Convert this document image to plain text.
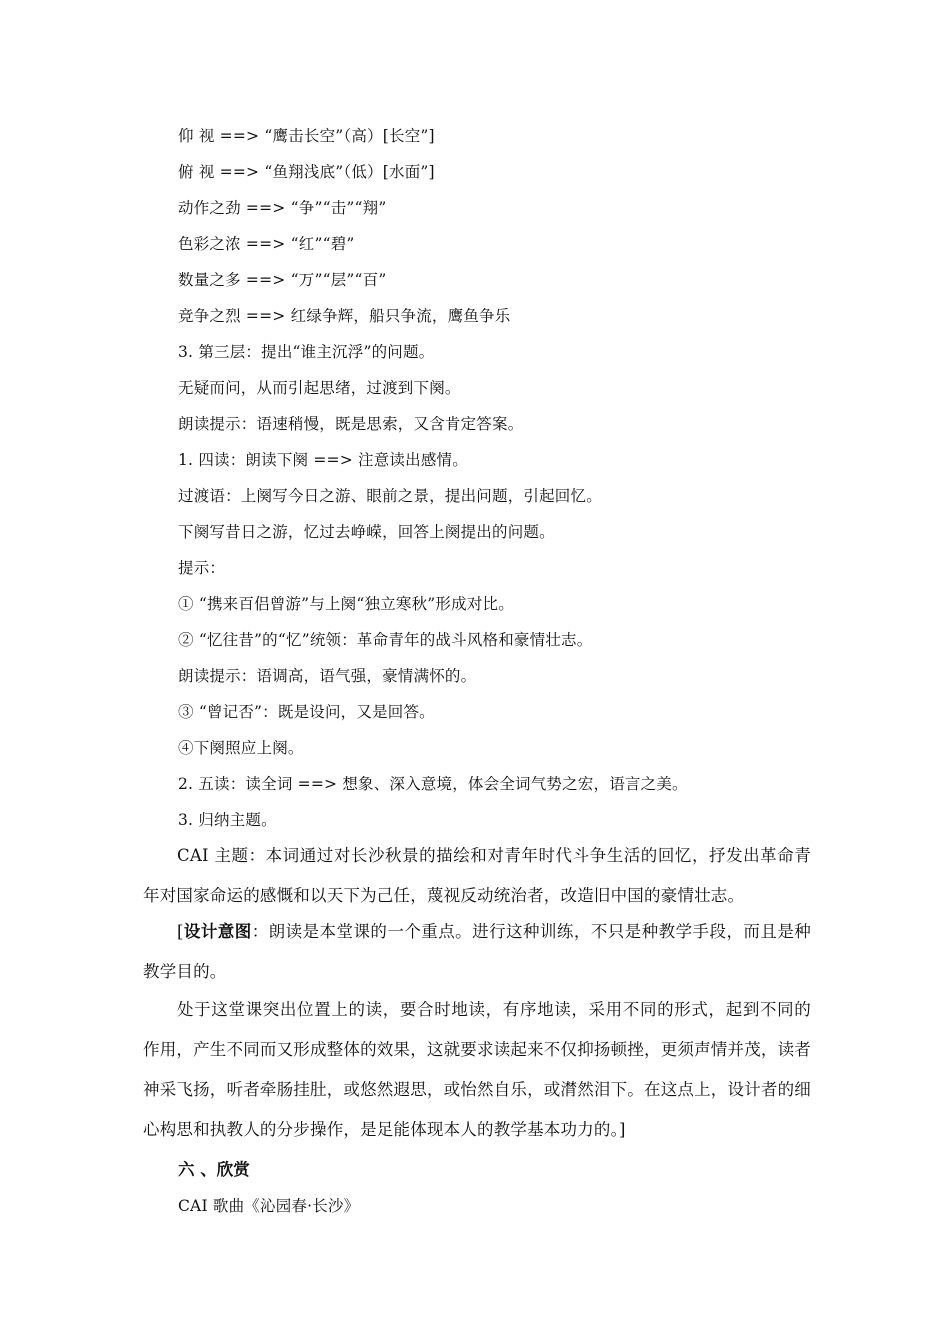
仰 视 ==> “鹰击长空”（高）[长空”]
俯 视 ==> “鱼翔浅底”（低）[水面”]
动作之劲 ==> “争”“击”“翔”
色彩之浓 ==> “红”“碧”
数量之多 ==> “万”“层”“百”
竞争之烈 ==> 红绿争辉，船只争流，鹰鱼争乐
3. 第三层：提出“谁主沉浮”的问题。
无疑而问，从而引起思绪，过渡到下阕。
朗读提示：语速稍慢，既是思索，又含肯定答案。
1. 四读：朗读下阕 ==> 注意读出感情。
过渡语：上阕写今日之游、眼前之景，提出问题，引起回忆。
下阕写昔日之游，忆过去峥嵘，回答上阕提出的问题。
提示：
① “携来百侣曾游”与上阕“独立寒秋”形成对比。
② “忆往昔”的“忆”统领：革命青年的战斗风格和豪情壮志。
朗读提示：语调高，语气强，豪情满怀的。
③ “曾记否”：既是设问，又是回答。
④下阕照应上阕。
2. 五读：读全词 ==> 想象、深入意境，体会全词气势之宏，语言之美。
3. 归纳主题。
CAI 主题：本词通过对长沙秋景的描绘和对青年时代斗争生活的回忆，抒发出革命青年对国家命运的感慨和以天下为己任，蔑视反动统治者，改造旧中国的豪情壮志。
[设计意图：朗读是本堂课的一个重点。进行这种训练，不只是种教学手段，而且是种教学目的。
处于这堂课突出位置上的读，要合时地读，有序地读，采用不同的形式，起到不同的作用，产生不同而又形成整体的效果，这就要求读起来不仅抑扬顿挫，更须声情并茂，读者神采飞扬，听者牵肠挂肚，或悠然遐思，或怡然自乐，或潸然泪下。在这点上，设计者的细心构思和执教人的分步操作，是足能体现本人的教学基本功力的。]
六 、欣赏
CAI 歌曲《沁园春·长沙》
